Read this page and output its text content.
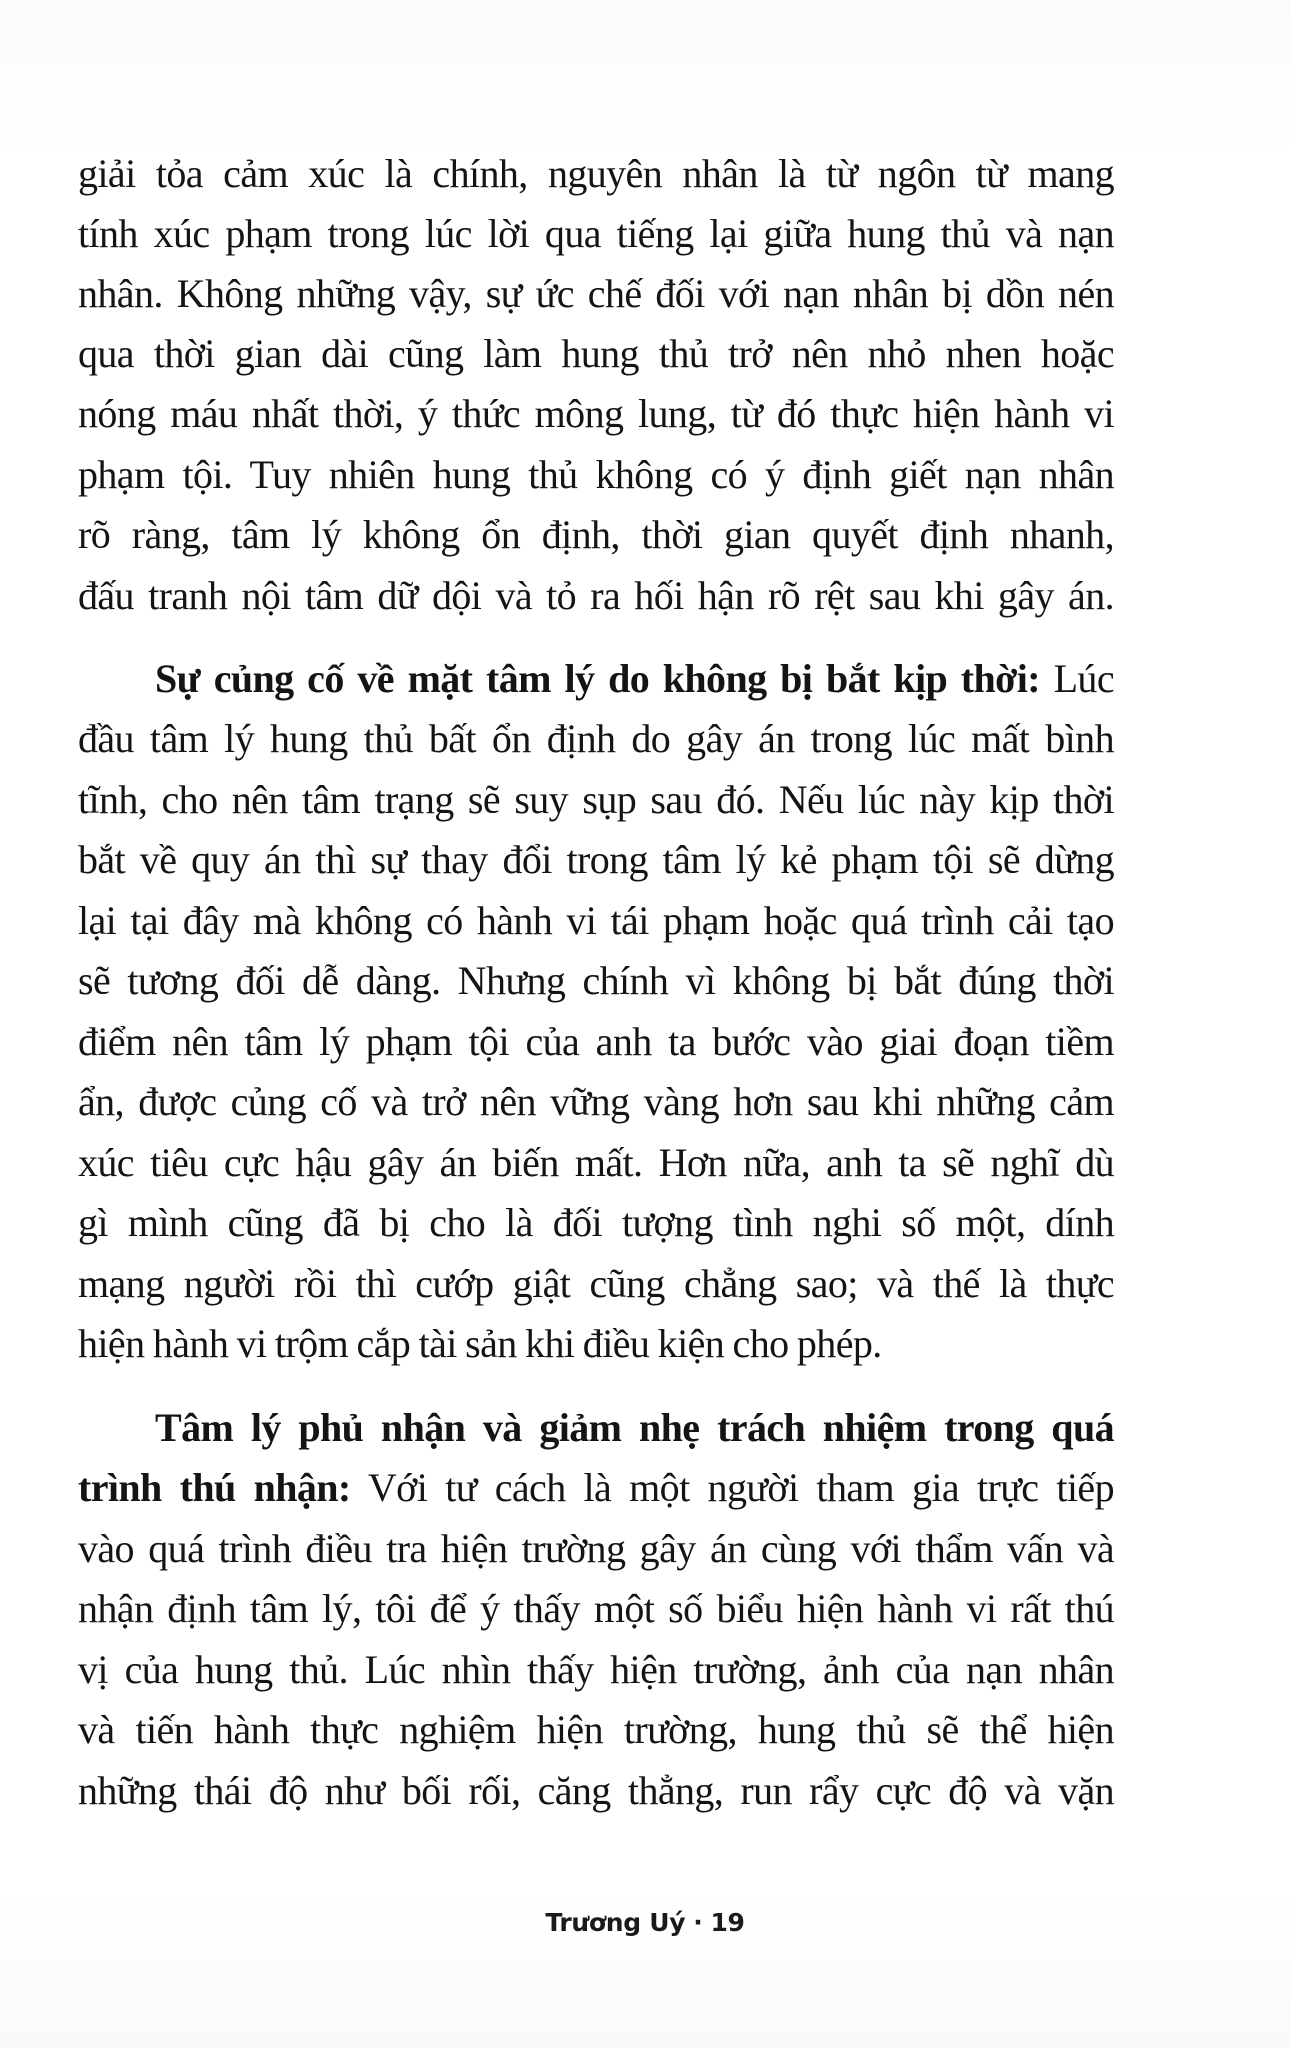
giải tỏa cảm xúc là chính, nguyên nhân là từ ngôn từ mang
tính xúc phạm trong lúc lời qua tiếng lại giữa hung thủ và nạn
nhân. Không những vậy, sự ức chế đối với nạn nhân bị dồn nén
qua thời gian dài cũng làm hung thủ trở nên nhỏ nhen hoặc
nóng máu nhất thời, ý thức mông lung, từ đó thực hiện hành vi
phạm tội. Tuy nhiên hung thủ không có ý định giết nạn nhân
rõ ràng, tâm lý không ổn định, thời gian quyết định nhanh,
đấu tranh nội tâm dữ dội và tỏ ra hối hận rõ rệt sau khi gây án.
Sự củng cố về mặt tâm lý do không bị bắt kịp thời: Lúc
đầu tâm lý hung thủ bất ổn định do gây án trong lúc mất bình
tĩnh, cho nên tâm trạng sẽ suy sụp sau đó. Nếu lúc này kịp thời
bắt về quy án thì sự thay đổi trong tâm lý kẻ phạm tội sẽ dừng
lại tại đây mà không có hành vi tái phạm hoặc quá trình cải tạo
sẽ tương đối dễ dàng. Nhưng chính vì không bị bắt đúng thời
điểm nên tâm lý phạm tội của anh ta bước vào giai đoạn tiềm
ẩn, được củng cố và trở nên vững vàng hơn sau khi những cảm
xúc tiêu cực hậu gây án biến mất. Hơn nữa, anh ta sẽ nghĩ dù
gì mình cũng đã bị cho là đối tượng tình nghi số một, dính
mạng người rồi thì cướp giật cũng chẳng sao; và thế là thực
hiện hành vi trộm cắp tài sản khi điều kiện cho phép.
Tâm lý phủ nhận và giảm nhẹ trách nhiệm trong quá
trình thú nhận: Với tư cách là một người tham gia trực tiếp
vào quá trình điều tra hiện trường gây án cùng với thẩm vấn và
nhận định tâm lý, tôi để ý thấy một số biểu hiện hành vi rất thú
vị của hung thủ. Lúc nhìn thấy hiện trường, ảnh của nạn nhân
và tiến hành thực nghiệm hiện trường, hung thủ sẽ thể hiện
những thái độ như bối rối, căng thẳng, run rẩy cực độ và vặn
Trương Uý · 19
